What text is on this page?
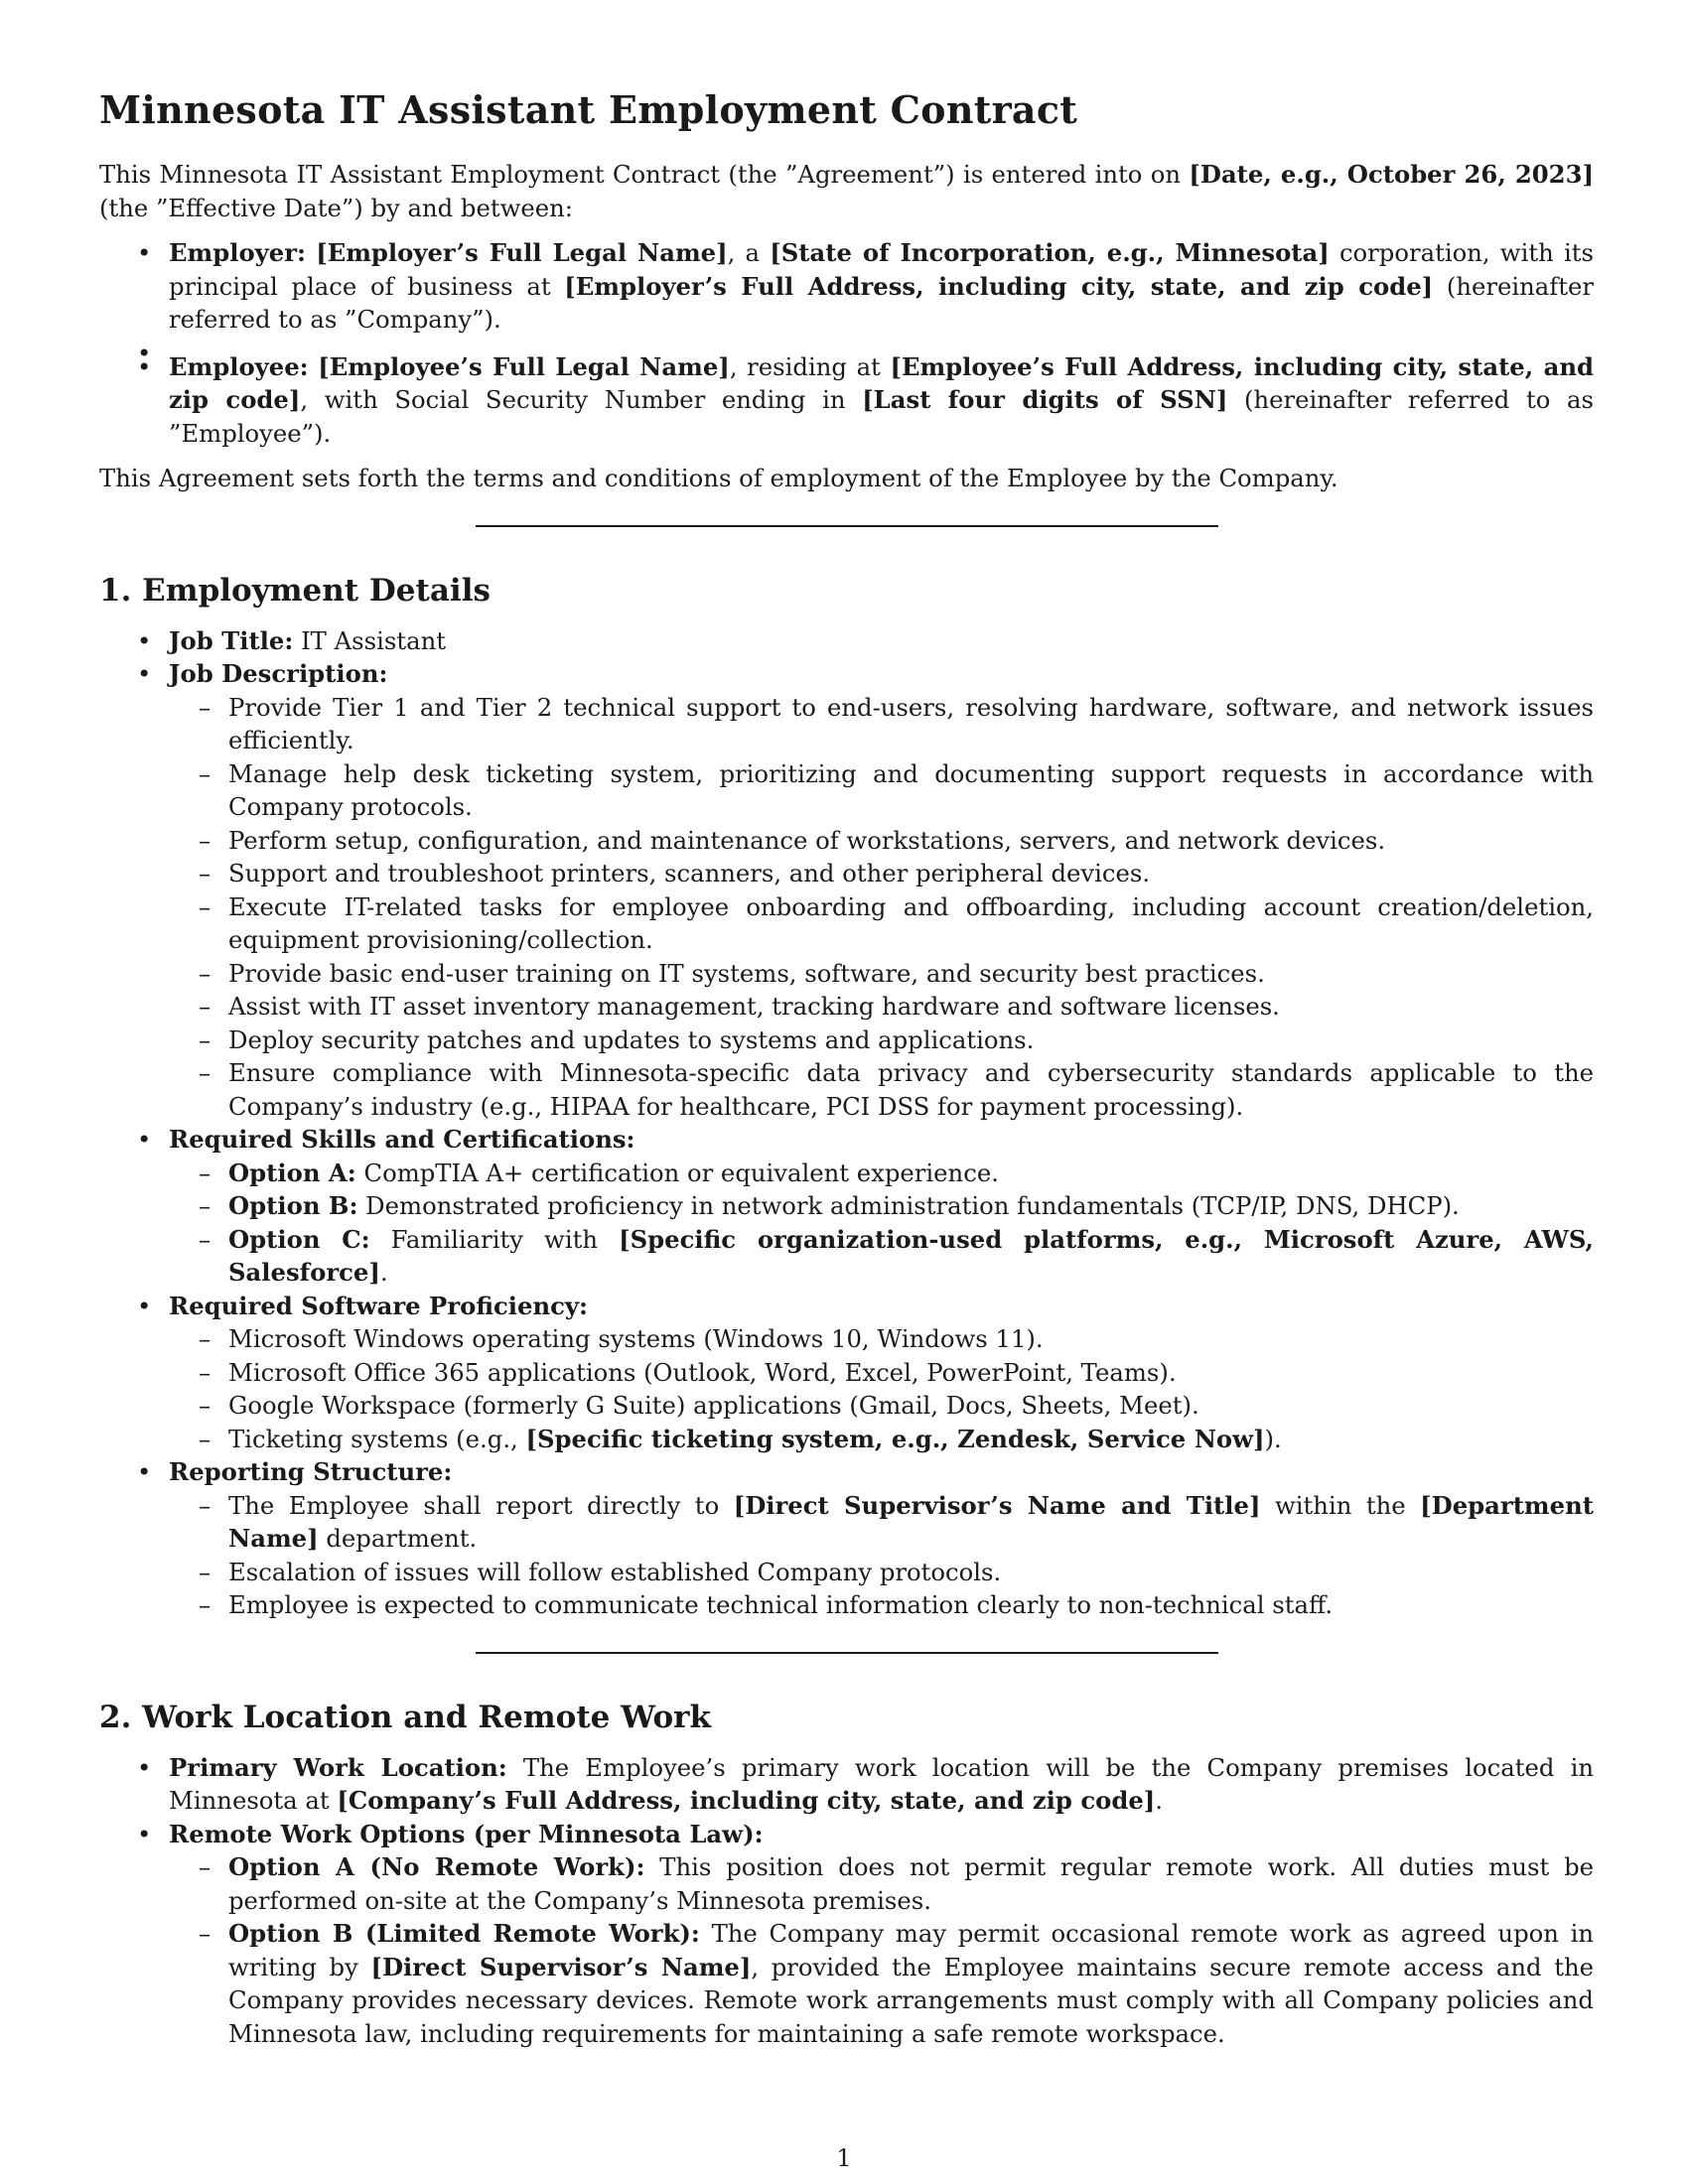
Minnesota IT Assistant Employment Contract

This Minnesota IT Assistant Employment Contract (the ”Agreement”) is entered into on [Date, e.g., October 26, 2023] (the ”Effective Date”) by and between:

• Employer: [Employer’s Full Legal Name], a [State of Incorporation, e.g., Minnesota] corporation, with its principal place of business at [Employer’s Full Address, including city, state, and zip code] (hereinafter referred to as ”Company”).
•
• Employee: [Employee’s Full Legal Name], residing at [Employee’s Full Address, including city, state, and zip code], with Social Security Number ending in [Last four digits of SSN] (hereinafter referred to as ”Employee”).

This Agreement sets forth the terms and conditions of employment of the Employee by the Company.

1. Employment Details
• Job Title: IT Assistant
• Job Description:
– Provide Tier 1 and Tier 2 technical support to end-users, resolving hardware, software, and network issues efficiently.
– Manage help desk ticketing system, prioritizing and documenting support requests in accordance with Company protocols.
– Perform setup, configuration, and maintenance of workstations, servers, and network devices.
– Support and troubleshoot printers, scanners, and other peripheral devices.
– Execute IT-related tasks for employee onboarding and offboarding, including account creation/deletion, equipment provisioning/collection.
– Provide basic end-user training on IT systems, software, and security best practices.
– Assist with IT asset inventory management, tracking hardware and software licenses.
– Deploy security patches and updates to systems and applications.
– Ensure compliance with Minnesota-specific data privacy and cybersecurity standards applicable to the Company’s industry (e.g., HIPAA for healthcare, PCI DSS for payment processing).
• Required Skills and Certifications:
– Option A: CompTIA A+ certification or equivalent experience.
– Option B: Demonstrated proficiency in network administration fundamentals (TCP/IP, DNS, DHCP).
– Option C: Familiarity with [Specific organization-used platforms, e.g., Microsoft Azure, AWS, Salesforce].
• Required Software Proficiency:
– Microsoft Windows operating systems (Windows 10, Windows 11).
– Microsoft Office 365 applications (Outlook, Word, Excel, PowerPoint, Teams).
– Google Workspace (formerly G Suite) applications (Gmail, Docs, Sheets, Meet).
– Ticketing systems (e.g., [Specific ticketing system, e.g., Zendesk, Service Now]).
• Reporting Structure:
– The Employee shall report directly to [Direct Supervisor’s Name and Title] within the [Department Name] department.
– Escalation of issues will follow established Company protocols.
– Employee is expected to communicate technical information clearly to non-technical staff.
2. Work Location and Remote Work
• Primary Work Location: The Employee’s primary work location will be the Company premises located in Minnesota at [Company’s Full Address, including city, state, and zip code].
• Remote Work Options (per Minnesota Law):
– Option A (No Remote Work): This position does not permit regular remote work. All duties must be performed on-site at the Company’s Minnesota premises.
– Option B (Limited Remote Work): The Company may permit occasional remote work as agreed upon in writing by [Direct Supervisor’s Name], provided the Employee maintains secure remote access and the Company provides necessary devices. Remote work arrangements must comply with all Company policies and Minnesota law, including requirements for maintaining a safe remote workspace.
1
